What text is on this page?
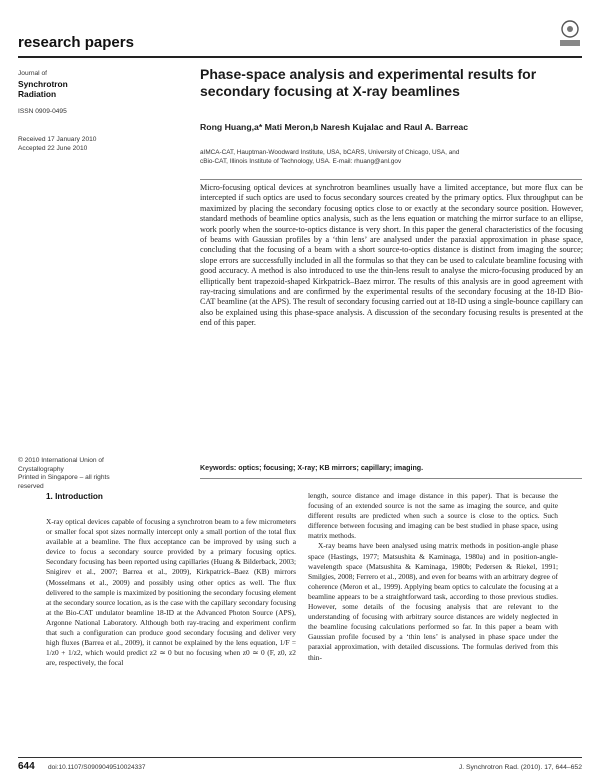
research papers
Journal of
Synchrotron
Radiation
ISSN 0909-0495
Received 17 January 2010
Accepted 22 June 2010
© 2010 International Union of Crystallography
Printed in Singapore – all rights reserved
Phase-space analysis and experimental results for secondary focusing at X-ray beamlines
Rong Huang,a* Mati Meron,b Naresh Kujalac and Raul A. Barreac
aIMCA-CAT, Hauptman-Woodward Institute, USA, bCARS, University of Chicago, USA, and
cBio-CAT, Illinois Institute of Technology, USA. E-mail: rhuang@anl.gov
Micro-focusing optical devices at synchrotron beamlines usually have a limited acceptance, but more flux can be intercepted if such optics are used to focus secondary sources created by the primary optics. Flux throughput can be maximized by placing the secondary focusing optics close to or exactly at the secondary source position. However, standard methods of beamline optics analysis, such as the lens equation or matching the mirror surface to an ellipse, work poorly when the source-to-optics distance is very short. In this paper the general characteristics of the focusing of beams with Gaussian profiles by a ‘thin lens’ are analysed under the paraxial approximation in phase space, concluding that the focusing of a beam with a short source-to-optics distance is distinct from imaging the source; slope errors are successfully included in all the formulas so that they can be used to calculate beamline focusing with good accuracy. A method is also introduced to use the thin-lens result to analyse the micro-focusing produced by an elliptically bent trapezoid-shaped Kirkpatrick–Baez mirror. The results of this analysis are in good agreement with ray-tracing simulations and are confirmed by the experimental results of the secondary focusing at the 18-ID Bio-CAT beamline (at the APS). The result of secondary focusing carried out at 18-ID using a single-bounce capillary can also be explained using this phase-space analysis. A discussion of the secondary focusing results is presented at the end of this paper.
Keywords: optics; focusing; X-ray; KB mirrors; capillary; imaging.
1. Introduction

X-ray optical devices capable of focusing a synchrotron beam to a few micrometers or smaller focal spot sizes normally intercept only a small portion of the total flux available at a beamline. The flux acceptance can be improved by using such a device to focus a secondary source provided by a primary focusing optics. Secondary focusing has been reported using capillaries (Huang & Bilderback, 2003; Snigirev et al., 2007; Barrea et al., 2009), Kirkpatrick–Baez (KB) mirrors (Mosselmans et al., 2009) and possibly using other optics as well. The flux delivered to the sample is maximized by positioning the secondary focusing element at the secondary source location, as is the case with the capillary secondary focusing at the Bio-CAT undulator beamline 18-ID at the Advanced Photon Source (APS), Argonne National Laboratory. Although both ray-tracing and experiment confirm that such a configuration can produce good secondary focusing and deliver very high fluxes (Barrea et al., 2009), it cannot be explained by the lens equation, 1/F = 1/z0 + 1/z2, which would predict z2 ≃ 0 but no focusing when z0 ≃ 0 (F, z0, z2 are, respectively, the focal

length, source distance and image distance in this paper). That is because the focusing of an extended source is not the same as imaging the source, and quite different results are predicted when such a source is close to the optics. Such difference between focusing and imaging can be best studied in phase space, using matrix methods.

X-ray beams have been analysed using matrix methods in position-angle phase space (Hastings, 1977; Matsushita & Kaminaga, 1980a) and in position-angle-wavelength space (Matsushita & Kaminaga, 1980b; Pedersen & Riekel, 1991; Smilgies, 2008; Ferrero et al., 2008), and even for beams with an arbitrary degree of coherence (Meron et al., 1999). Applying beam optics to calculate the focusing at a beamline appears to be a straightforward task, according to those previous studies. However, some details of the focusing analysis that are relevant to the understanding of focusing with arbitrary source distances are widely neglected in the beamline focusing calculations performed so far. In this paper a beam with Gaussian profile focused by a ‘thin lens’ is analysed in phase space under the paraxial approximation, with detailed discussions. The formulas derived from this thin-

644 doi:10.1107/S0909049510024337	J. Synchrotron Rad. (2010). 17, 644–652
